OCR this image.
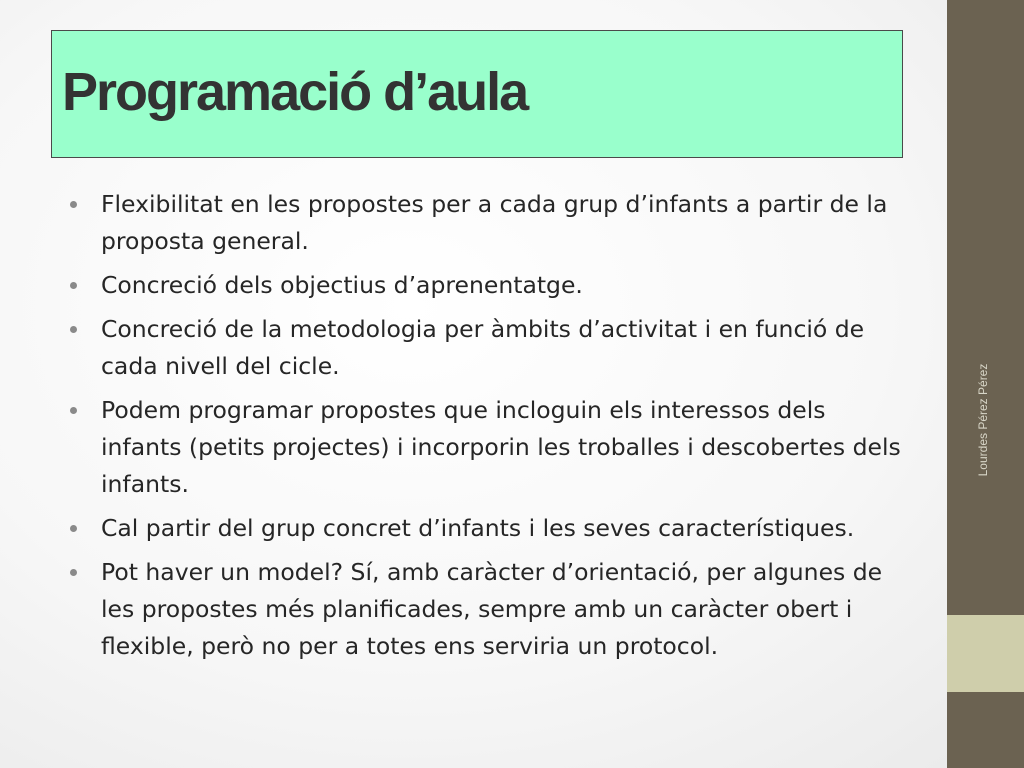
Programació d’aula
Flexibilitat en les propostes per a cada grup d’infants a partir de la proposta general.
Concreció dels objectius d’aprenentatge.
Concreció de la metodologia per àmbits d’activitat i en funció de cada nivell del cicle.
Podem programar propostes que incloguin els interessos dels infants (petits projectes) i incorporin les troballes i descobertes dels infants.
Cal partir del grup concret d’infants i les seves característiques.
Pot haver un model? Sí, amb caràcter d’orientació, per algunes de les propostes més planificades, sempre amb un caràcter obert i flexible, però no per a totes ens serviria un protocol.
Lourdes Pérez Pérez
